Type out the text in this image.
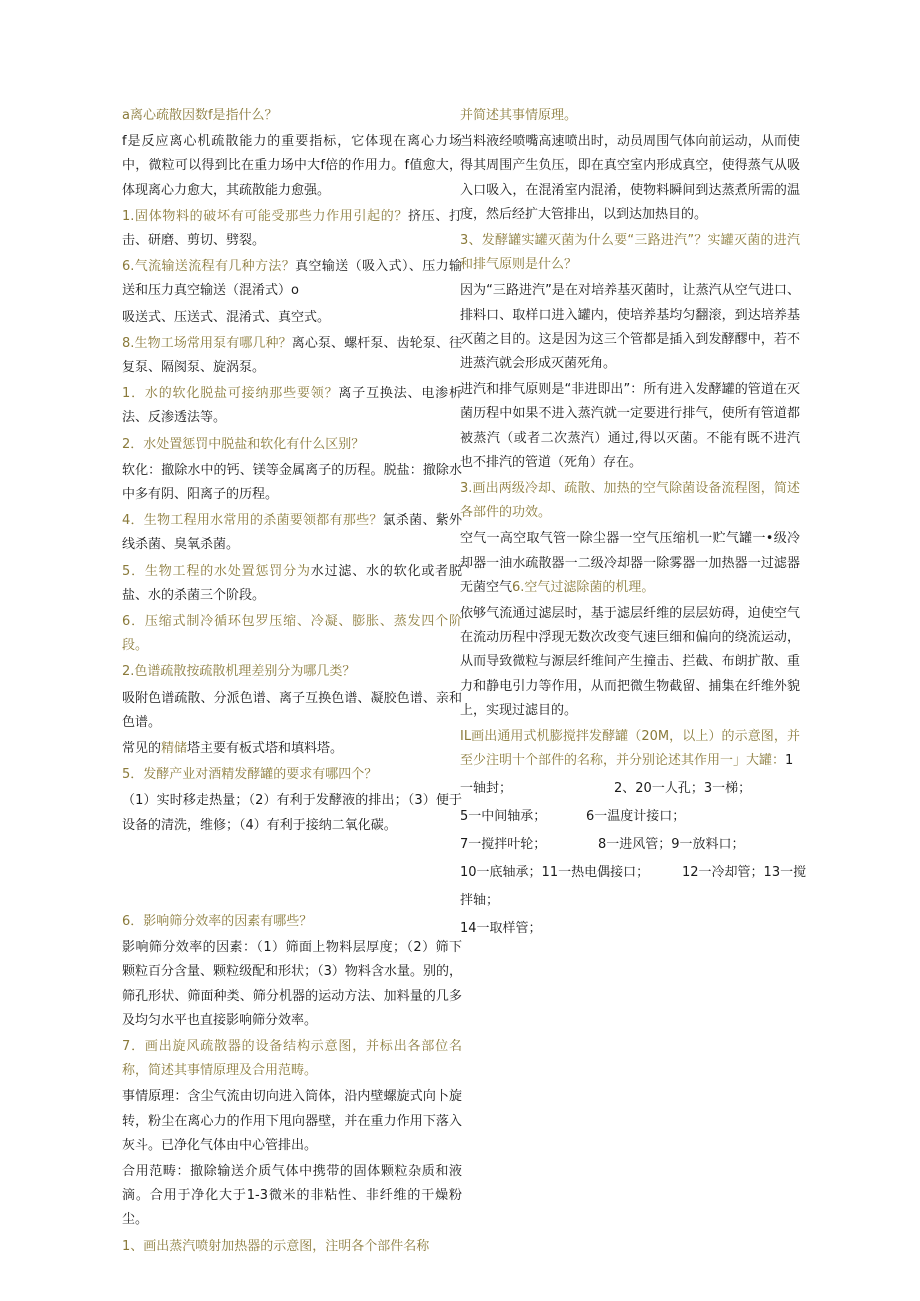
a离心疏散因数f是指什么？

f是反应离心机疏散能力的重要指标，它体现在离心力场中，微粒可以得到比在重力场中大f倍的作用力。f值愈大，体现离心力愈大，其疏散能力愈强。

1.固体物料的破坏有可能受那些力作用引起的？挤压、打击、研磨、剪切、劈裂。

6.气流输送流程有几种方法？真空输送（吸入式）、压力输送和压力真空输送（混淆式）o

吸送式、压送式、混淆式、真空式。

8.生物工场常用泵有哪几种？离心泵、螺杆泵、齿轮泵、往复泵、隔阂泵、旋涡泵。

1．水的软化脱盐可接纳那些要领？离子互换法、电渗析法、反渗透法等。

2．水处置惩罚中脱盐和软化有什么区别？

软化：撤除水中的钙、镁等金属离子的历程。脱盐：撤除水中多有阴、阳离子的历程。

4．生物工程用水常用的杀菌要领都有那些？氯杀菌、紫外线杀菌、臭氧杀菌。

5．生物工程的水处置惩罚分为水过滤、水的软化或者脱盐、水的杀菌三个阶段。

6．压缩式制冷循环包罗压缩、冷凝、膨胀、蒸发四个阶段。

2.色谱疏散按疏散机理差别分为哪几类？

吸附色谱疏散、分派色谱、离子互换色谱、凝胶色谱、亲和色谱。

常见的精储塔主要有板式塔和填料塔。

5．发酵产业对酒精发酵罐的要求有哪四个？

（1）实时移走热量；（2）有利于发酵液的排出；（3）便于设备的清洗，维修；（4）有利于接纳二氧化碳。

6．影响筛分效率的因素有哪些？

影响筛分效率的因素：（1）筛面上物料层厚度；（2）筛下颗粒百分含量、颗粒级配和形状；（3）物料含水量。别的，筛孔形状、筛面种类、筛分机器的运动方法、加料量的几多及均匀水平也直接影响筛分效率。

7．画出旋风疏散器的设备结构示意图，并标出各部位名称，简述其事情原理及合用范畴。

事情原理：含尘气流由切向进入筒体，沿内壁螺旋式向卜旋转，粉尘在离心力的作用下甩向器壁，并在重力作用下落入灰斗。已净化气体由中心管排出。

合用范畴：撤除输送介质气体中携带的固体颗粒杂质和液滴。合用于净化大于1-3微米的非粘性、非纤维的干燥粉尘。

1、画出蒸汽喷射加热器的示意图，注明各个部件名称

并简述其事情原理。

当料液经喷嘴高速喷出时，动员周围气体向前运动，从而使得其周围产生负压，即在真空室内形成真空，使得蒸气从吸入口吸入，在混淆室内混淆，使物料瞬间到达蒸煮所需的温度，然后经扩大管排出，以到达加热目的。

3、发酵罐实罐灭菌为什么要“三路进汽”？实罐灭菌的进汽和排气原则是什么？

因为“三路进汽”是在对培养基灭菌时，让蒸汽从空气进口、排料口、取样口进入罐内，使培养基均匀翻滚，到达培养基灭菌之目的。这是因为这三个管都是插入到发酵醪中，若不进蒸汽就会形成灭菌死角。

进汽和排气原则是“非进即出”：所有进入发酵罐的管道在灭菌历程中如果不进入蒸汽就一定要进行排气，使所有管道都被蒸汽（或者二次蒸汽）通过,得以灭菌。不能有既不进汽也不排汽的管道（死角）存在。

3.画出两级冷却、疏散、加热的空气除菌设备流程图，简述各部件的功效。

空气一高空取气管一除尘器一空气压缩机一贮气罐一•级冷却器一油水疏散器一二级冷却器一除雾器一加热器一过滤器无菌空气6.空气过滤除菌的机理。

依够气流通过滤层时，基于滤层纤维的层层妨碍，迫使空气在流动历程中浮现无数次改变气速巨细和偏向的绕流运动，从而导致微粒与源层纤维间产生撞击、拦截、布朗扩散、重力和静电引力等作用，从而把微生物截留、捕集在纤维外貌上，实现过滤目的。

IL画出通用式机膨搅拌发酵罐（20M，以上）的示意图，并至少注明十个部件的名称，并分别论述其作用一」大罐：1

一轴封；	2、20一人孔；3一梯；

5一中间轴承；	6一温度计接口；

7一搅拌叶轮；	8一进风管；9一放料口；

10一底轴承；11一热电偶接口；	12一冷却管；13一搅

拌轴；

14一取样管；
